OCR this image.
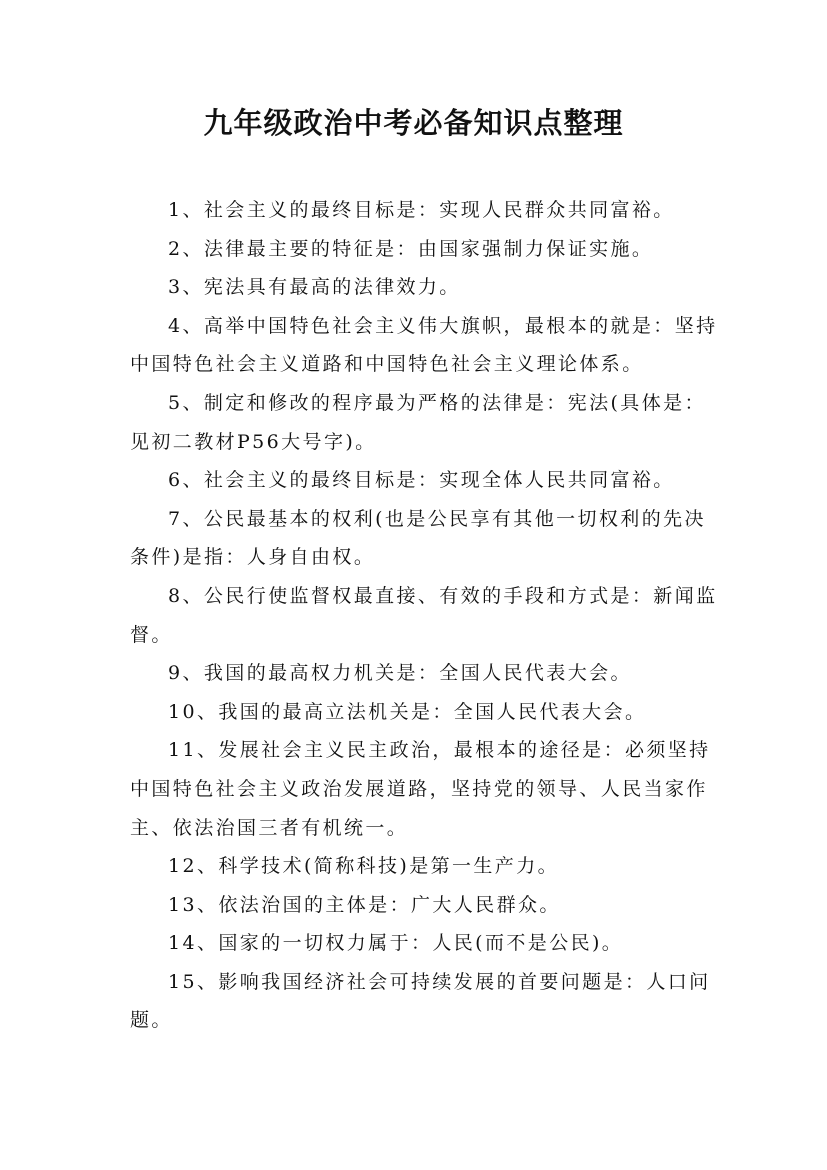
九年级政治中考必备知识点整理
1、社会主义的最终目标是：实现人民群众共同富裕。
2、法律最主要的特征是：由国家强制力保证实施。
3、宪法具有最高的法律效力。
4、高举中国特色社会主义伟大旗帜，最根本的就是：坚持中国特色社会主义道路和中国特色社会主义理论体系。
5、制定和修改的程序最为严格的法律是：宪法(具体是：见初二教材P56大号字)。
6、社会主义的最终目标是：实现全体人民共同富裕。
7、公民最基本的权利(也是公民享有其他一切权利的先决条件)是指：人身自由权。
8、公民行使监督权最直接、有效的手段和方式是：新闻监督。
9、我国的最高权力机关是：全国人民代表大会。
10、我国的最高立法机关是：全国人民代表大会。
11、发展社会主义民主政治，最根本的途径是：必须坚持中国特色社会主义政治发展道路，坚持党的领导、人民当家作主、依法治国三者有机统一。
12、科学技术(简称科技)是第一生产力。
13、依法治国的主体是：广大人民群众。
14、国家的一切权力属于：人民(而不是公民)。
15、影响我国经济社会可持续发展的首要问题是：人口问题。
